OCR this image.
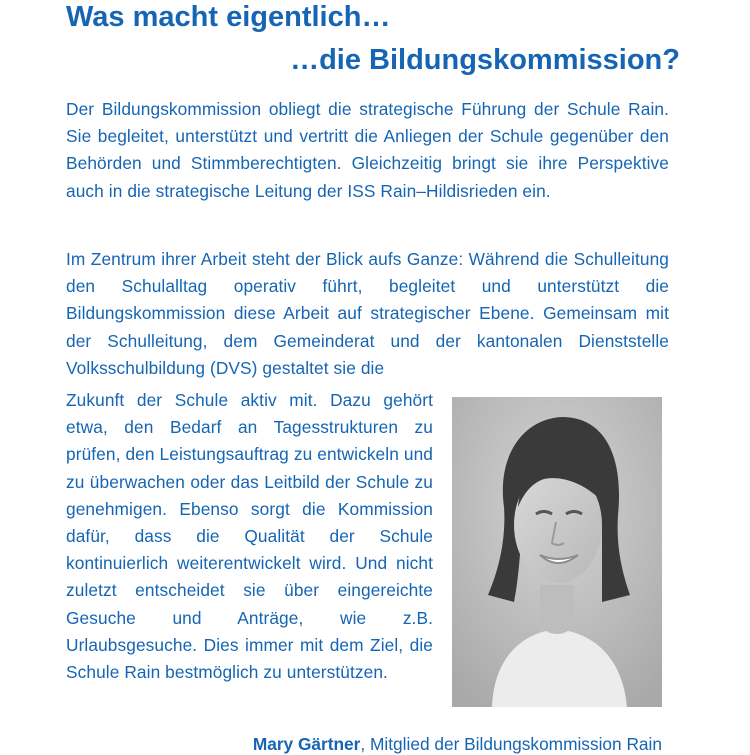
Was macht eigentlich…
…die Bildungskommission?

Der Bildungskommission obliegt die strategische Führung der Schule Rain. Sie begleitet, unterstützt und vertritt die Anliegen der Schule gegenüber den Behörden und Stimmberechtigten. Gleichzeitig bringt sie ihre Perspektive auch in die strategische Leitung der ISS Rain–Hildisrieden ein.

Im Zentrum ihrer Arbeit steht der Blick aufs Ganze: Während die Schulleitung den Schulalltag operativ führt, begleitet und unterstützt die Bildungskommission diese Arbeit auf strategischer Ebene. Gemeinsam mit der Schulleitung, dem Gemeinderat und der kantonalen Dienststelle Volksschulbildung (DVS) gestaltet sie die

Zukunft der Schule aktiv mit. Dazu gehört etwa, den Bedarf an Tagesstrukturen zu prüfen, den Leistungsauftrag zu entwickeln und zu überwachen oder das Leitbild der Schule zu genehmigen. Ebenso sorgt die Kommission dafür, dass die Qualität der Schule kontinuierlich weiterentwickelt wird. Und nicht zuletzt entscheidet sie über eingereichte Gesuche und Anträge, wie z.B. Urlaubsgesuche. Dies immer mit dem Ziel, die Schule Rain bestmöglich zu unterstützen.

Mary Gärtner, Mitglied der Bildungskommission Rain
